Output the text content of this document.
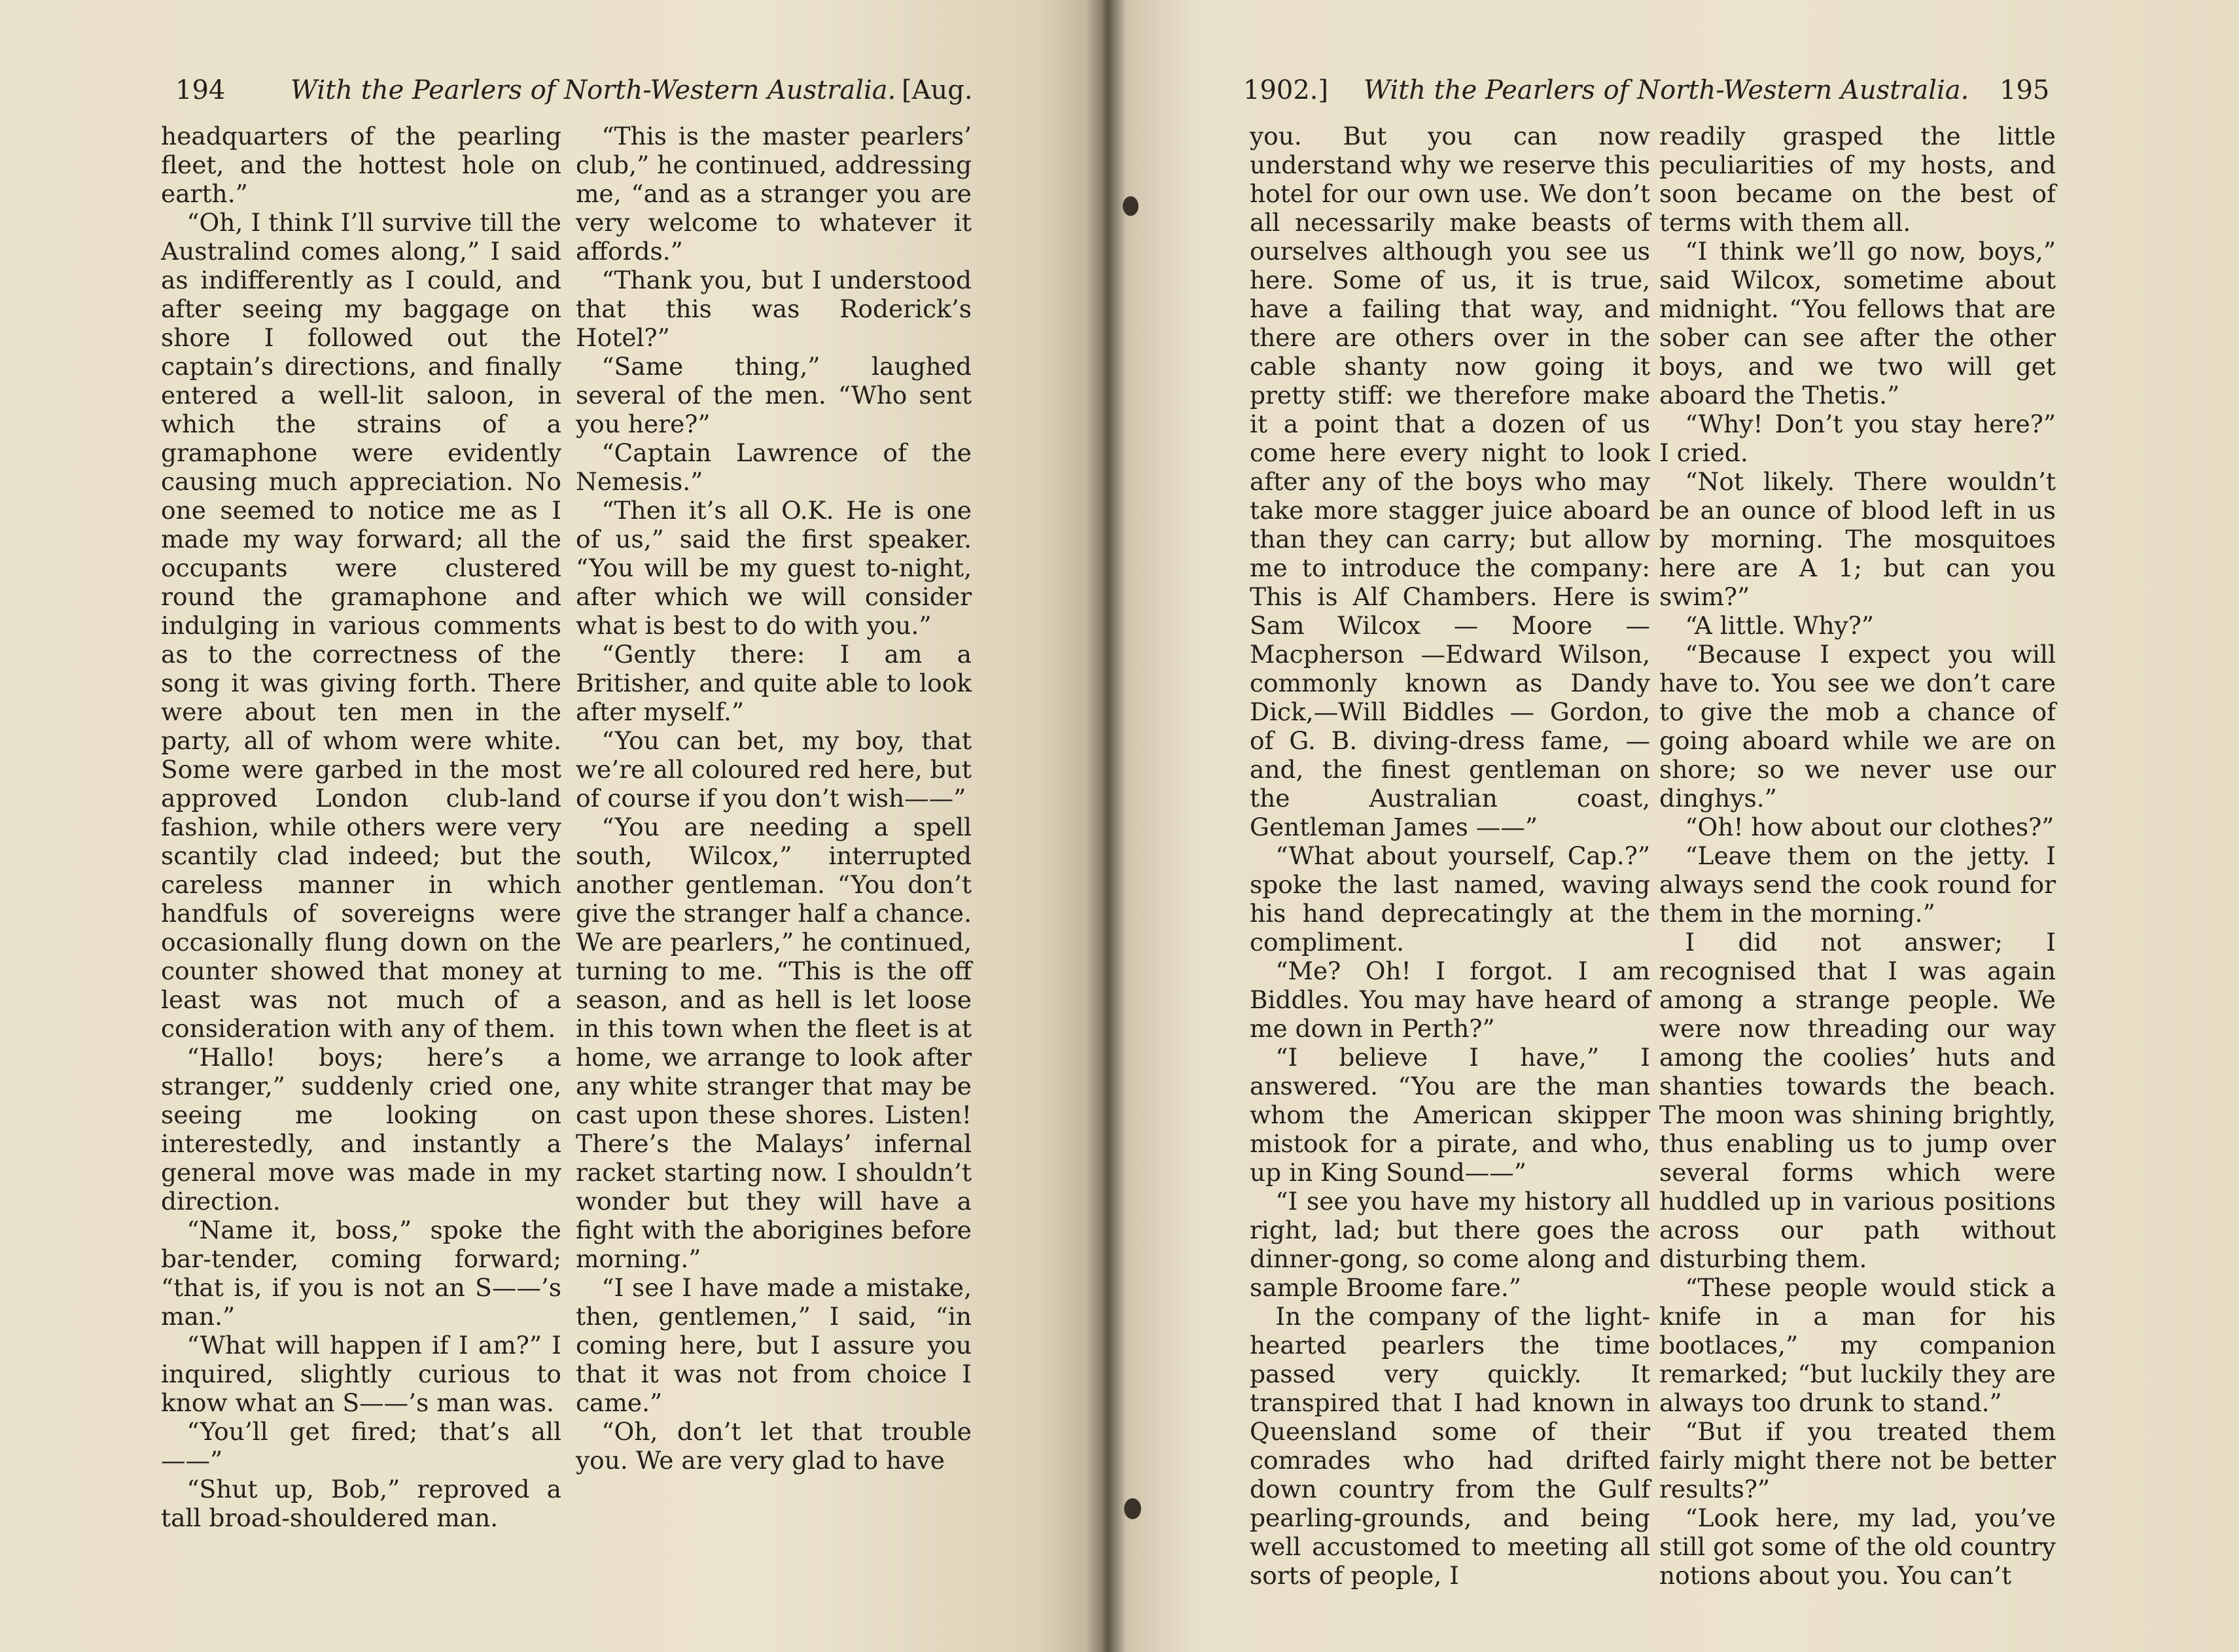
194 With the Pearlers of North-Western Australia. [Aug.

headquarters of the pearling fleet, and the hottest hole on earth.”

“Oh, I think I’ll survive till the Australind comes along,” I said as indifferently as I could, and after seeing my baggage on shore I followed out the captain’s directions, and finally entered a well-lit saloon, in which the strains of a gramaphone were evidently causing much appreciation. No one seemed to notice me as I made my way forward; all the occupants were clustered round the gramaphone and indulging in various comments as to the correctness of the song it was giving forth. There were about ten men in the party, all of whom were white. Some were garbed in the most approved London club-land fashion, while others were very scantily clad indeed; but the careless manner in which handfuls of sovereigns were occasionally flung down on the counter showed that money at least was not much of a consideration with any of them.

“Hallo! boys; here’s a stranger,” suddenly cried one, seeing me looking on interestedly, and instantly a general move was made in my direction.

“Name it, boss,” spoke the bar-tender, coming forward; “that is, if you is not an S——’s man.”

“What will happen if I am?” I inquired, slightly curious to know what an S——’s man was.

“You’ll get fired; that’s all——”

“Shut up, Bob,” reproved a tall broad-shouldered man.

“This is the master pearlers’ club,” he continued, addressing me, “and as a stranger you are very welcome to whatever it affords.”

“Thank you, but I understood that this was Roderick’s Hotel?”

“Same thing,” laughed several of the men. “Who sent you here?”

“Captain Lawrence of the Nemesis.”

“Then it’s all O.K. He is one of us,” said the first speaker. “You will be my guest to-night, after which we will consider what is best to do with you.”

“Gently there: I am a Britisher, and quite able to look after myself.”

“You can bet, my boy, that we’re all coloured red here, but of course if you don’t wish——”

“You are needing a spell south, Wilcox,” interrupted another gentleman. “You don’t give the stranger half a chance. We are pearlers,” he continued, turning to me. “This is the off season, and as hell is let loose in this town when the fleet is at home, we arrange to look after any white stranger that may be cast upon these shores. Listen! There’s the Malays’ infernal racket starting now. I shouldn’t wonder but they will have a fight with the aborigines before morning.”

“I see I have made a mistake, then, gentlemen,” I said, “in coming here, but I assure you that it was not from choice I came.”

“Oh, don’t let that trouble you. We are very glad to have

1902.] With the Pearlers of North-Western Australia. 195

you. But you can now understand why we reserve this hotel for our own use. We don’t all necessarily make beasts of ourselves although you see us here. Some of us, it is true, have a failing that way, and there are others over in the cable shanty now going it pretty stiff: we therefore make it a point that a dozen of us come here every night to look after any of the boys who may take more stagger juice aboard than they can carry; but allow me to introduce the company: This is Alf Chambers. Here is Sam Wilcox — Moore — Macpherson —Edward Wilson, commonly known as Dandy Dick,—Will Biddles — Gordon, of G. B. diving-dress fame, — and, the finest gentleman on the Australian coast, Gentleman James ——”

“What about yourself, Cap.?” spoke the last named, waving his hand deprecatingly at the compliment.

“Me? Oh! I forgot. I am Biddles. You may have heard of me down in Perth?”

“I believe I have,” I answered. “You are the man whom the American skipper mistook for a pirate, and who, up in King Sound——”

“I see you have my history all right, lad; but there goes the dinner-gong, so come along and sample Broome fare.”

In the company of the light-hearted pearlers the time passed very quickly. It transpired that I had known in Queensland some of their comrades who had drifted down country from the Gulf pearling-grounds, and being well accustomed to meeting all sorts of people, I

readily grasped the little peculiarities of my hosts, and soon became on the best of terms with them all.

“I think we’ll go now, boys,” said Wilcox, sometime about midnight. “You fellows that are sober can see after the other boys, and we two will get aboard the Thetis.”

“Why! Don’t you stay here?” I cried.

“Not likely. There wouldn’t be an ounce of blood left in us by morning. The mosquitoes here are A 1; but can you swim?”

“A little. Why?”

“Because I expect you will have to. You see we don’t care to give the mob a chance of going aboard while we are on shore; so we never use our dinghys.”

“Oh! how about our clothes?”

“Leave them on the jetty. I always send the cook round for them in the morning.”

I did not answer; I recognised that I was again among a strange people. We were now threading our way among the coolies’ huts and shanties towards the beach. The moon was shining brightly, thus enabling us to jump over several forms which were huddled up in various positions across our path without disturbing them.

“These people would stick a knife in a man for his bootlaces,” my companion remarked; “but luckily they are always too drunk to stand.”

“But if you treated them fairly might there not be better results?”

“Look here, my lad, you’ve still got some of the old country notions about you. You can’t
